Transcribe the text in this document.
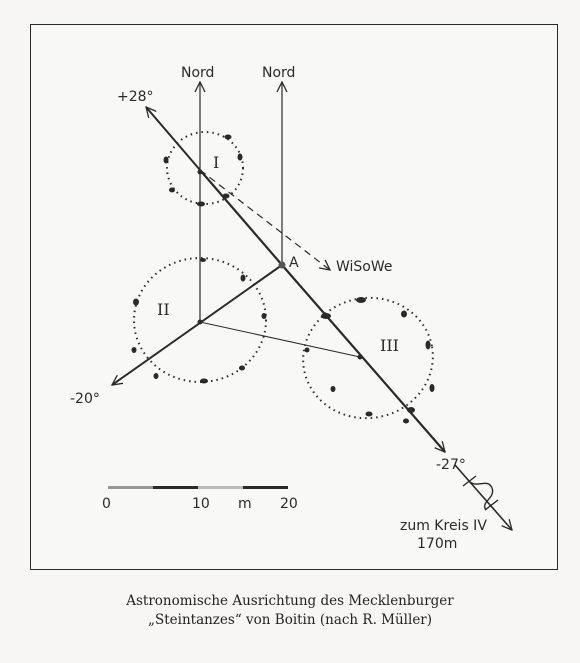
Nord	Nord
+28°
-20°
-27°
A	WiSoWe
I
II
III
0	10 m 20
zum Kreis IV
170m
Astronomische Ausrichtung des Mecklenburger
„Steintanzes“ von Boitin (nach R. Müller)
